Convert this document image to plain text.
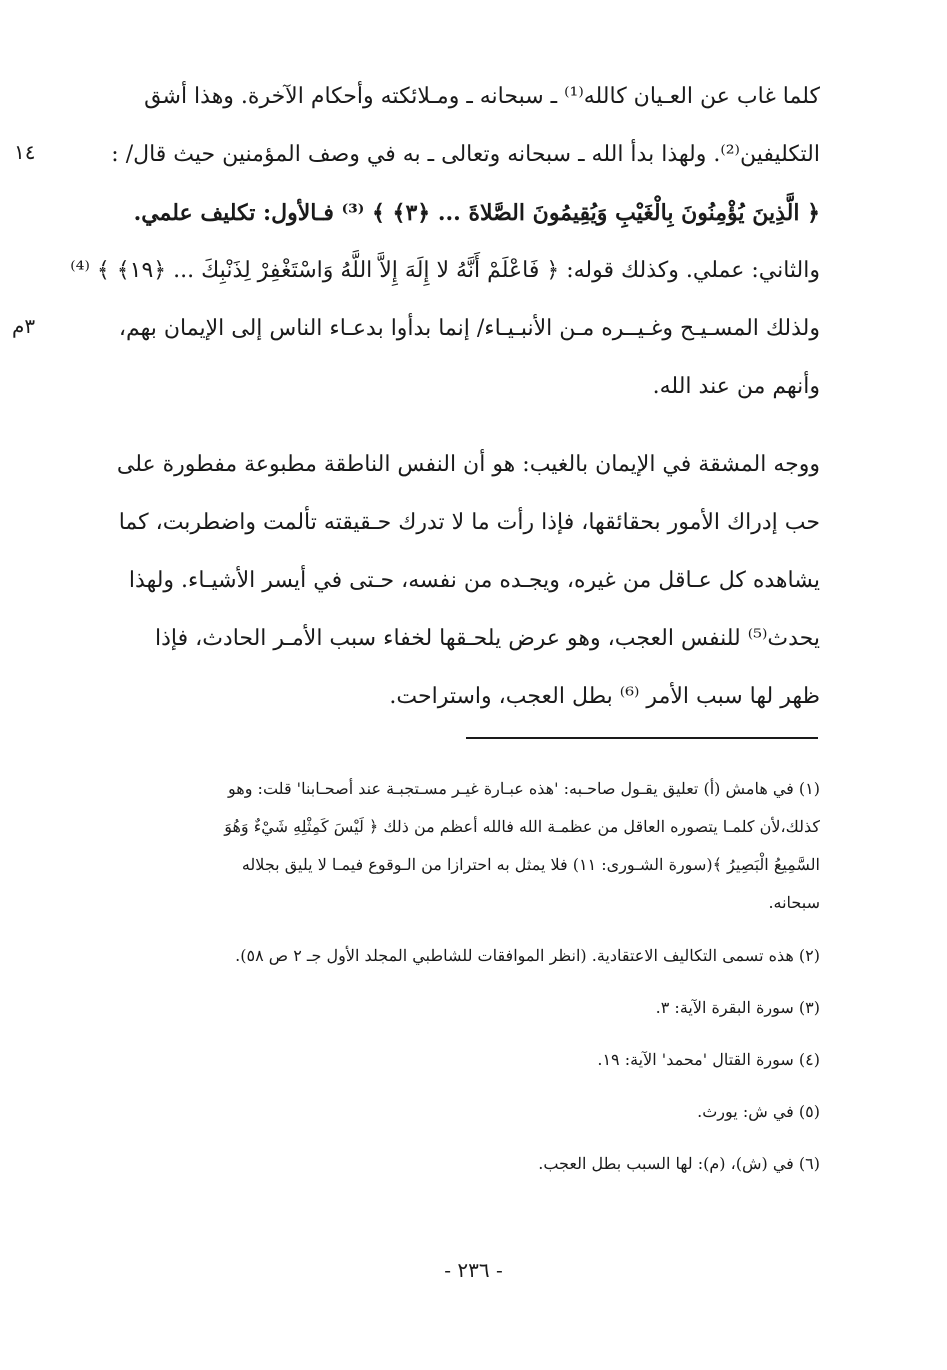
١٤
٣م
كلما غاب عن العـيان كالله⁽¹⁾ ـ سبحانه ـ ومـلائكته وأحكام الآخرة. وهذا أشق
التكليفين⁽²⁾. ولهذا بدأ الله ـ سبحانه وتعالى ـ به في وصف المؤمنين حيث قال/ :
﴿ الَّذِينَ يُؤْمِنُونَ بِالْغَيْبِ وَيُقِيمُونَ الصَّلاةَ ... ﴿٣﴾ ﴾ ⁽³⁾ فـالأول: تكليف علمي.
والثاني: عملي. وكذلك قوله: ﴿ فَاعْلَمْ أَنَّهُ لا إِلَهَ إِلاَّ اللَّهُ وَاسْتَغْفِرْ لِذَنْبِكَ ... ﴿١٩﴾ ﴾ ⁽⁴⁾
ولذلك المسـيـح وغـيــره مـن الأنبـيـاء/ إنما بدأوا بدعـاء الناس إلى الإيمان بهم،
وأنهم من عند الله.
ووجه المشقة في الإيمان بالغيب: هو أن النفس الناطقة مطبوعة مفطورة على
حب إدراك الأمور بحقائقها، فإذا رأت ما لا تدرك حـقيقته تألمت واضطربت، كما
يشاهده كل عـاقل من غيره، ويجـده من نفسه، حـتى في أيسر الأشيـاء. ولهذا
يحدث⁽⁵⁾ للنفس العجب، وهو عرض يلحـقها لخفاء سبب الأمـر الحادث، فإذا
ظهر لها سبب الأمر ⁽⁶⁾ بطل العجب، واستراحت.
(١) في هامش (أ) تعليق يقـول صاحـبه: 'هذه عبـارة غيـر مسـتجبـة عند أصحـابنا' قلت: وهو
كذلك،لأن كلمـا يتصوره العاقل من عظمـة الله فالله أعظم من ذلك ﴿ لَيْسَ كَمِثْلِهِ شَيْءٌ وَهُوَ
السَّمِيعُ الْبَصِيرُ ﴾(سورة الشـورى: ١١) فلا يمثل به احترازا من الـوقوع فيمـا لا يليق بجلاله
سبحانه.
(٢) هذه تسمى التكاليف الاعتقادية. (انظر الموافقات للشاطبي المجلد الأول جـ ٢ ص ٥٨).
(٣) سورة البقرة الآية: ٣.
(٤) سورة القتال 'محمد' الآية: ١٩.
(٥) في ش: يورث.
(٦) في (ش)، (م): لها السبب بطل العجب.
- ٢٣٦ -
